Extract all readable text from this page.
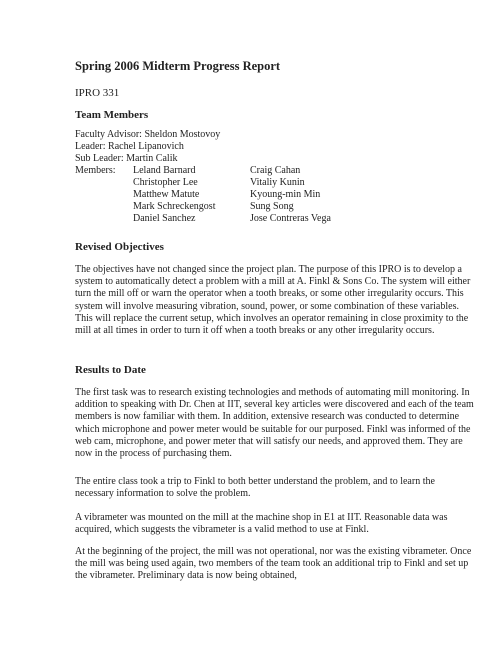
Spring 2006 Midterm Progress Report
IPRO 331
Team Members
Faculty Advisor: Sheldon Mostovoy
Leader: Rachel Lipanovich
Sub Leader: Martin Calik
Members: Leland Barnard
Christopher Lee
Matthew Matute
Mark Schreckengost
Daniel Sanchez
Craig Cahan
Vitaliy Kunin
Kyoung-min Min
Sung Song
Jose Contreras Vega
Revised Objectives

The objectives have not changed since the project plan. The purpose of this IPRO is to develop a system to automatically detect a problem with a mill at A. Finkl & Sons Co. The system will either turn the mill off or warn the operator when a tooth breaks, or some other irregularity occurs. This system will involve measuring vibration, sound, power, or some combination of these variables. This will replace the current setup, which involves an operator remaining in close proximity to the mill at all times in order to turn it off when a tooth breaks or any other irregularity occurs.

Results to Date

The first task was to research existing technologies and methods of automating mill monitoring. In addition to speaking with Dr. Chen at IIT, several key articles were discovered and each of the team members is now familiar with them. In addition, extensive research was conducted to determine which microphone and power meter would be suitable for our purposed. Finkl was informed of the web cam, microphone, and power meter that will satisfy our needs, and approved them. They are now in the process of purchasing them.

The entire class took a trip to Finkl to both better understand the problem, and to learn the necessary information to solve the problem.

A vibrameter was mounted on the mill at the machine shop in E1 at IIT. Reasonable data was acquired, which suggests the vibrameter is a valid method to use at Finkl.

At the beginning of the project, the mill was not operational, nor was the existing vibrameter. Once the mill was being used again, two members of the team took an additional trip to Finkl and set up the vibrameter. Preliminary data is now being obtained,
